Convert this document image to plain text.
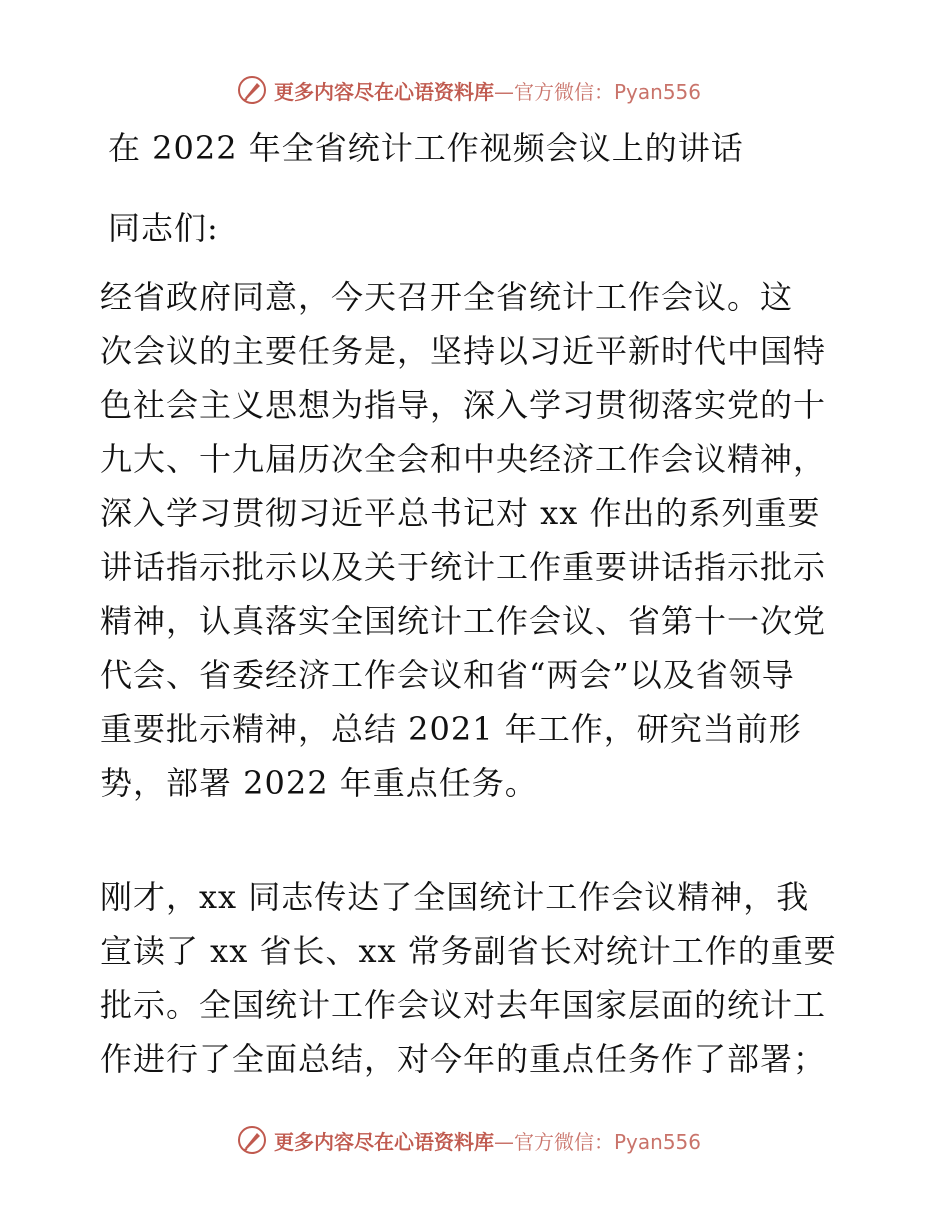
更多内容尽在心语资料库—官方微信：Pyan556
在 2022 年全省统计工作视频会议上的讲话
同志们:
经省政府同意，今天召开全省统计工作会议。这
次会议的主要任务是，坚持以习近平新时代中国特
色社会主义思想为指导，深入学习贯彻落实党的十
九大、十九届历次全会和中央经济工作会议精神，
深入学习贯彻习近平总书记对 xx 作出的系列重要
讲话指示批示以及关于统计工作重要讲话指示批示
精神，认真落实全国统计工作会议、省第十一次党
代会、省委经济工作会议和省“两会”以及省领导
重要批示精神，总结 2021 年工作，研究当前形
势，部署 2022 年重点任务。
刚才，xx 同志传达了全国统计工作会议精神，我
宣读了 xx 省长、xx 常务副省长对统计工作的重要
批示。全国统计工作会议对去年国家层面的统计工
作进行了全面总结，对今年的重点任务作了部署；
更多内容尽在心语资料库—官方微信：Pyan556
